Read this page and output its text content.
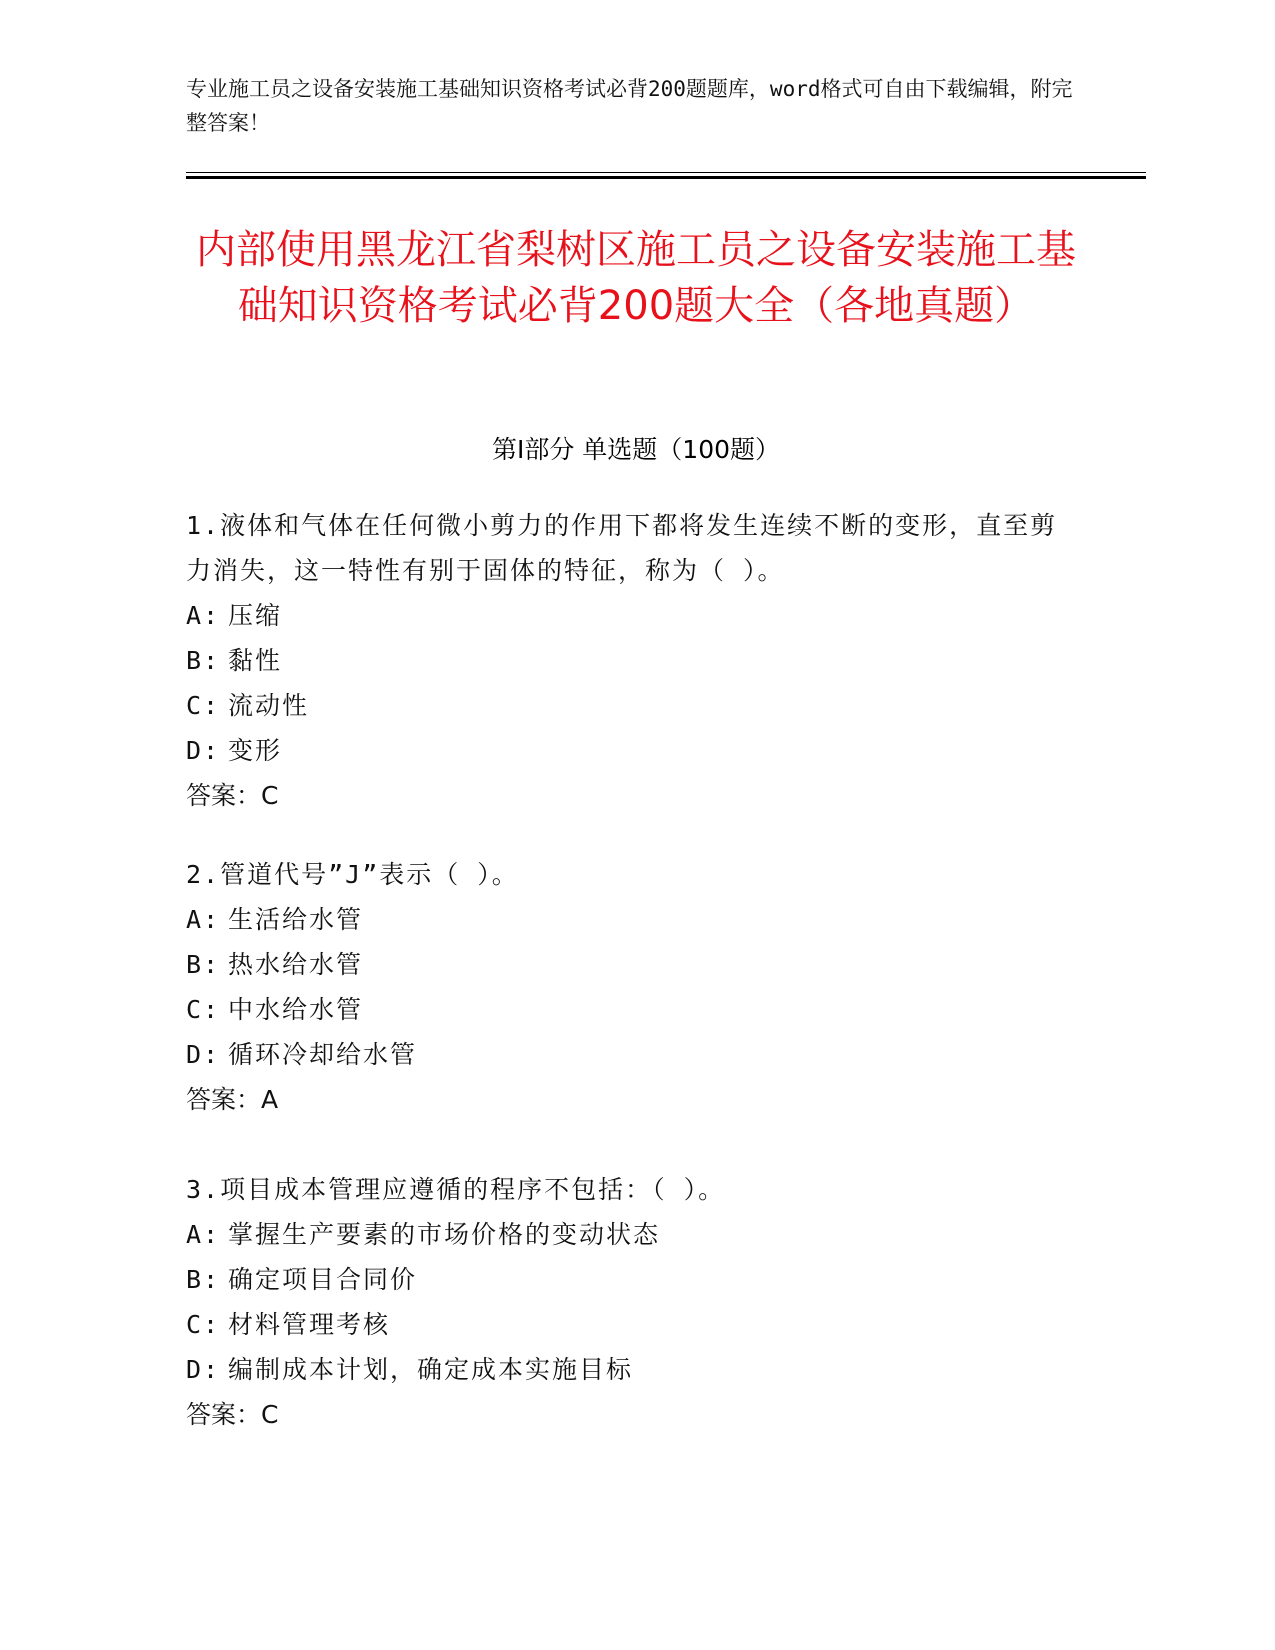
专业施工员之设备安装施工基础知识资格考试必背200题题库，word格式可自由下载编辑，附完整答案！
内部使用黑龙江省梨树区施工员之设备安装施工基础知识资格考试必背200题大全（各地真题）
第Ⅰ部分 单选题（100题）

1.液体和气体在任何微小剪力的作用下都将发生连续不断的变形，直至剪力消失，这一特性有别于固体的特征，称为（ ）。

A: 压缩

B: 黏性

C: 流动性

D: 变形

答案：C

2.管道代号”J”表示（ ）。

A: 生活给水管

B: 热水给水管

C: 中水给水管

D: 循环冷却给水管

答案：A

3.项目成本管理应遵循的程序不包括：（ ）。

A: 掌握生产要素的市场价格的变动状态

B: 确定项目合同价

C: 材料管理考核

D: 编制成本计划，确定成本实施目标

答案：C
